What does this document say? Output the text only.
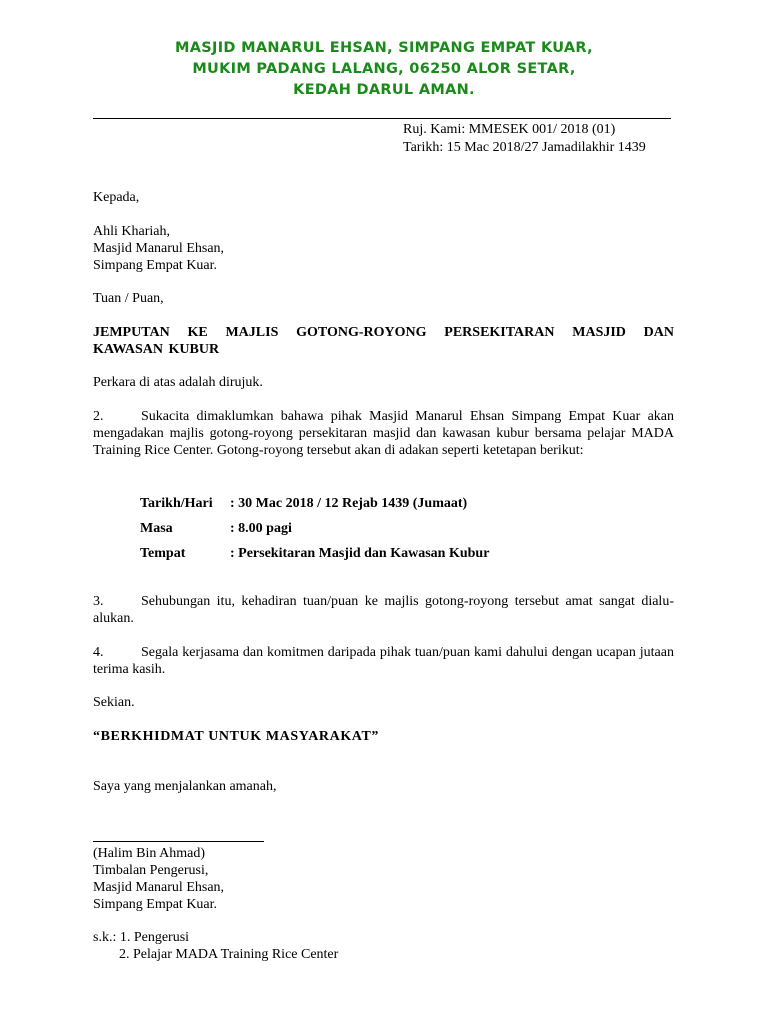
MASJID MANARUL EHSAN, SIMPANG EMPAT KUAR,
MUKIM PADANG LALANG, 06250 ALOR SETAR,
KEDAH DARUL AMAN.
Ruj. Kami: MMESEK 001/ 2018 (01)
Tarikh: 15 Mac 2018/27 Jamadilakhir 1439
Kepada,
Ahli Khariah,
Masjid Manarul Ehsan,
Simpang Empat Kuar.
Tuan / Puan,
JEMPUTAN KE MAJLIS GOTONG-ROYONG PERSEKITARAN MASJID DAN KAWASAN KUBUR
Perkara di atas adalah dirujuk.
2.	Sukacita dimaklumkan bahawa pihak Masjid Manarul Ehsan Simpang Empat Kuar akan mengadakan majlis gotong-royong persekitaran masjid dan kawasan kubur bersama pelajar MADA Training Rice Center. Gotong-royong tersebut akan di adakan seperti ketetapan berikut:
Tarikh/Hari : 30 Mac 2018 / 12 Rejab 1439 (Jumaat)
Masa	: 8.00 pagi
Tempat	: Persekitaran Masjid dan Kawasan Kubur
3.	Sehubungan itu, kehadiran tuan/puan ke majlis gotong-royong tersebut amat sangat dialu-alukan.
4.	Segala kerjasama dan komitmen daripada pihak tuan/puan kami dahului dengan ucapan jutaan terima kasih.
Sekian.
“BERKHIDMAT UNTUK MASYARAKAT”
Saya yang menjalankan amanah,
(Halim Bin Ahmad)
Timbalan Pengerusi,
Masjid Manarul Ehsan,
Simpang Empat Kuar.
s.k.: 1. Pengerusi
2. Pelajar MADA Training Rice Center
